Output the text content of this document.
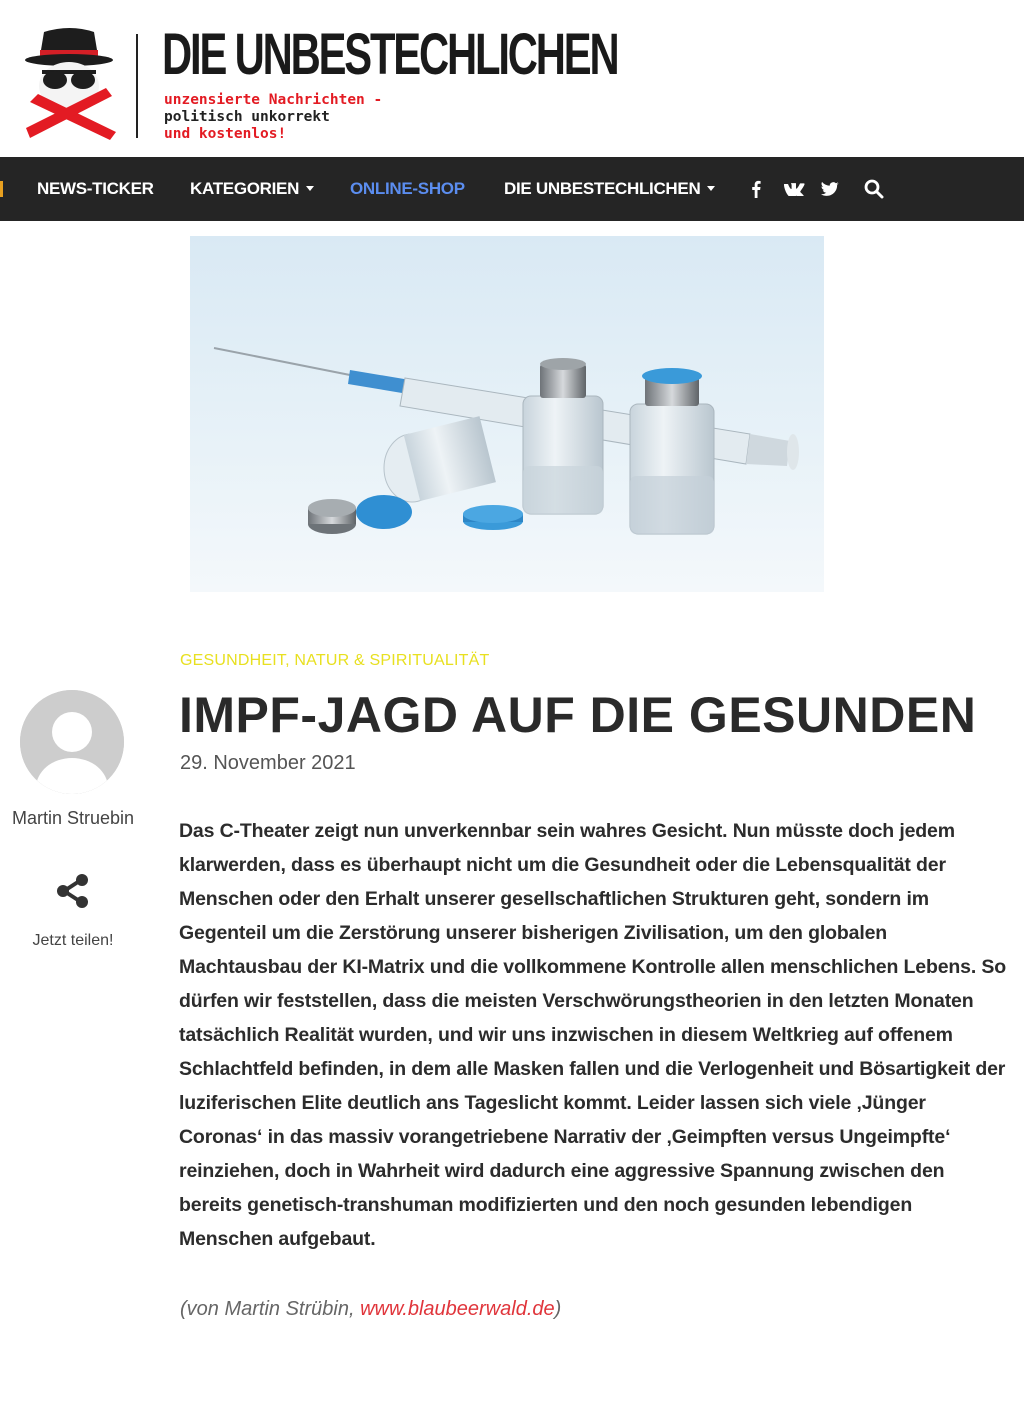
DIE UNBESTECHLICHEN
unzensierte Nachrichten -
politisch unkorrekt
und kostenlos!
NEWS-TICKER KATEGORIEN	ONLINE-SHOP DIE UNBESTECHLICHEN
Martin Struebin
Jetzt teilen!
GESUNDHEIT, NATUR & SPIRITUALITÄT
IMPF-JAGD AUF DIE GESUNDEN
29. November 2021
Das C-Theater zeigt nun unverkennbar sein wahres Gesicht. Nun müsste doch jedem klarwerden, dass es überhaupt nicht um die Gesundheit oder die Lebensqualität der Menschen oder den Erhalt unserer gesellschaftlichen Strukturen geht, sondern im Gegenteil um die Zerstörung unserer bisherigen Zivilisation, um den globalen Machtausbau der KI-Matrix und die vollkommene Kontrolle allen menschlichen Lebens. So dürfen wir feststellen, dass die meisten Verschwörungstheorien in den letzten Monaten tatsächlich Realität wurden, und wir uns inzwischen in diesem Weltkrieg auf offenem Schlachtfeld befinden, in dem alle Masken fallen und die Verlogenheit und Bösartigkeit der luziferischen Elite deutlich ans Tageslicht kommt. Leider lassen sich viele ‚Jünger Coronas‘ in das massiv vorangetriebene Narrativ der ‚Geimpften versus Ungeimpfte‘ reinziehen, doch in Wahrheit wird dadurch eine aggressive Spannung zwischen den bereits genetisch-transhuman modifizierten und den noch gesunden lebendigen Menschen aufgebaut.
(von Martin Strübin, www.blaubeerwald.de)
